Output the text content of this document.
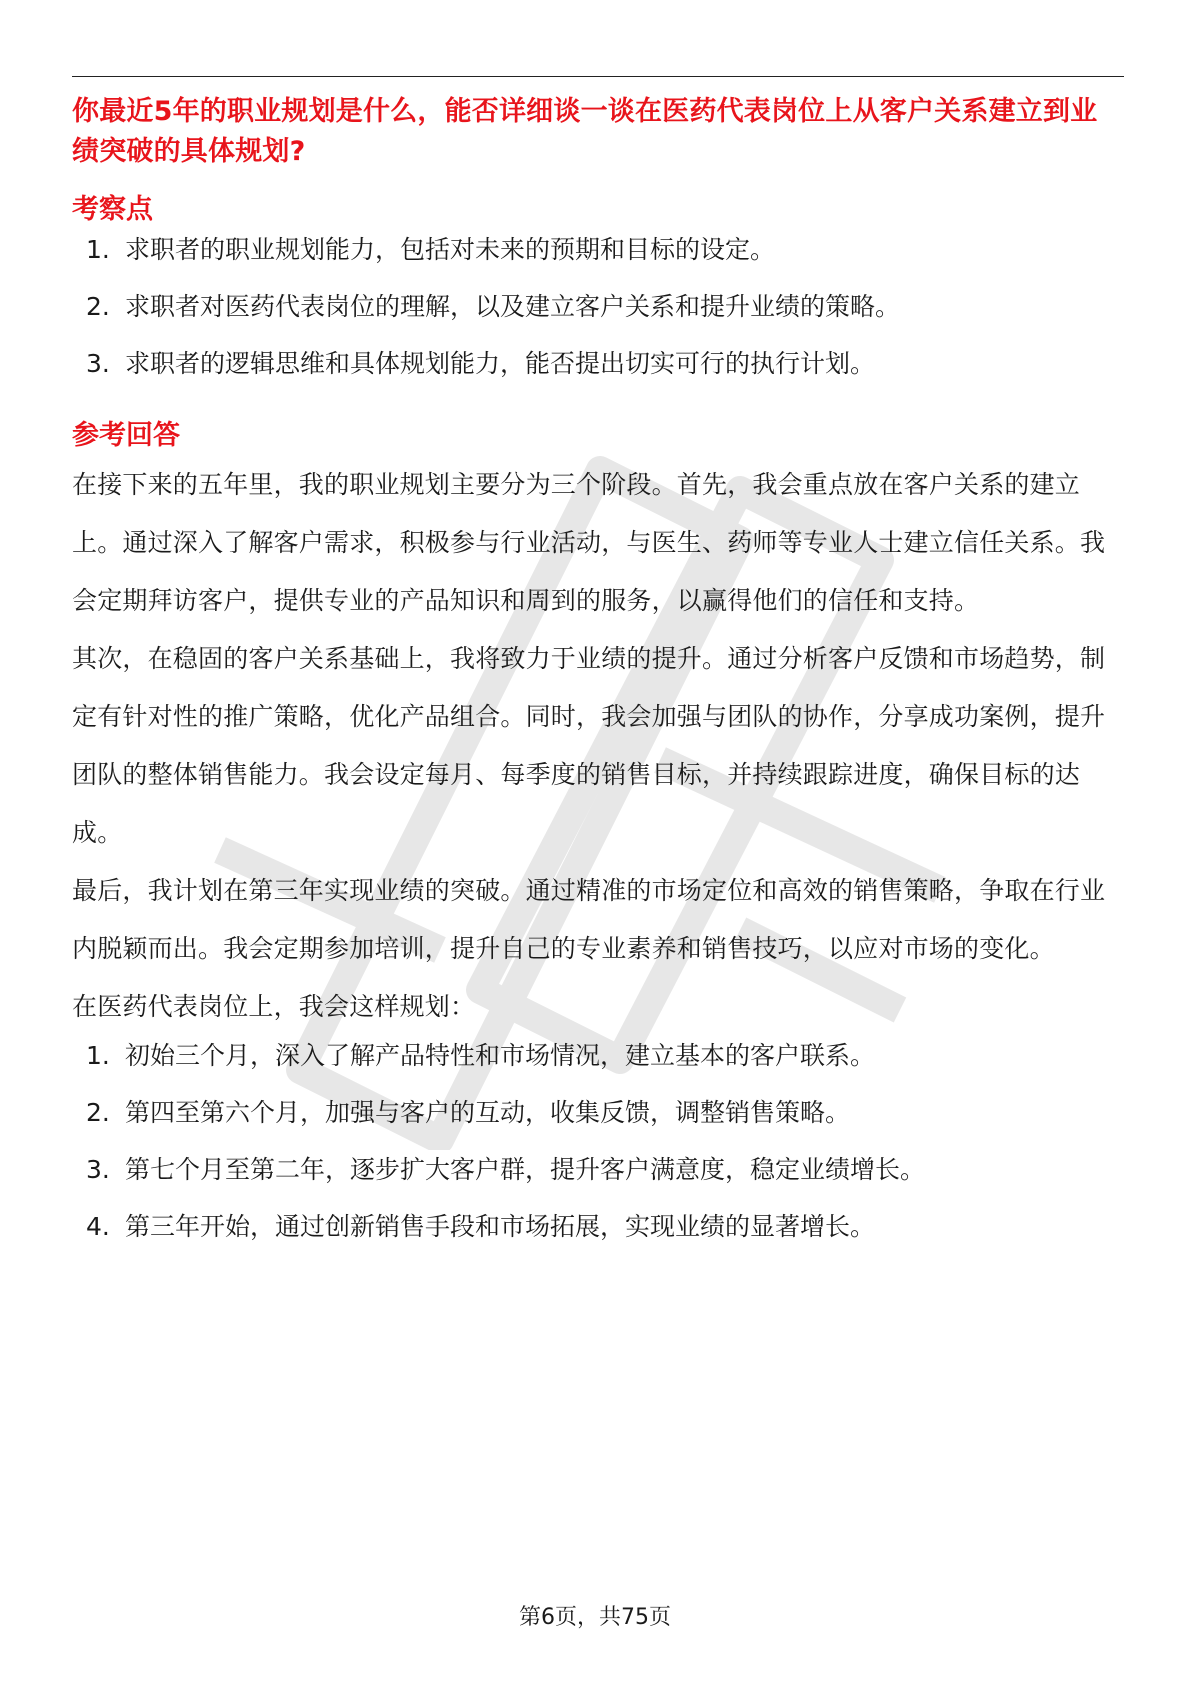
你最近5年的职业规划是什么，能否详细谈一谈在医药代表岗位上从客户关系建立到业绩突破的具体规划?
考察点
1. 求职者的职业规划能力，包括对未来的预期和目标的设定。
2. 求职者对医药代表岗位的理解，以及建立客户关系和提升业绩的策略。
3. 求职者的逻辑思维和具体规划能力，能否提出切实可行的执行计划。
参考回答

在接下来的五年里，我的职业规划主要分为三个阶段。首先，我会重点放在客户关系的建立上。通过深入了解客户需求，积极参与行业活动，与医生、药师等专业人士建立信任关系。我会定期拜访客户，提供专业的产品知识和周到的服务，以赢得他们的信任和支持。

其次，在稳固的客户关系基础上，我将致力于业绩的提升。通过分析客户反馈和市场趋势，制定有针对性的推广策略，优化产品组合。同时，我会加强与团队的协作，分享成功案例，提升团队的整体销售能力。我会设定每月、每季度的销售目标，并持续跟踪进度，确保目标的达成。

最后，我计划在第三年实现业绩的突破。通过精准的市场定位和高效的销售策略，争取在行业内脱颖而出。我会定期参加培训，提升自己的专业素养和销售技巧，以应对市场的变化。

在医药代表岗位上，我会这样规划：

1. 初始三个月，深入了解产品特性和市场情况，建立基本的客户联系。
2. 第四至第六个月，加强与客户的互动，收集反馈，调整销售策略。
3. 第七个月至第二年，逐步扩大客户群，提升客户满意度，稳定业绩增长。
4. 第三年开始，通过创新销售手段和市场拓展，实现业绩的显著增长。
第6页，共75页
